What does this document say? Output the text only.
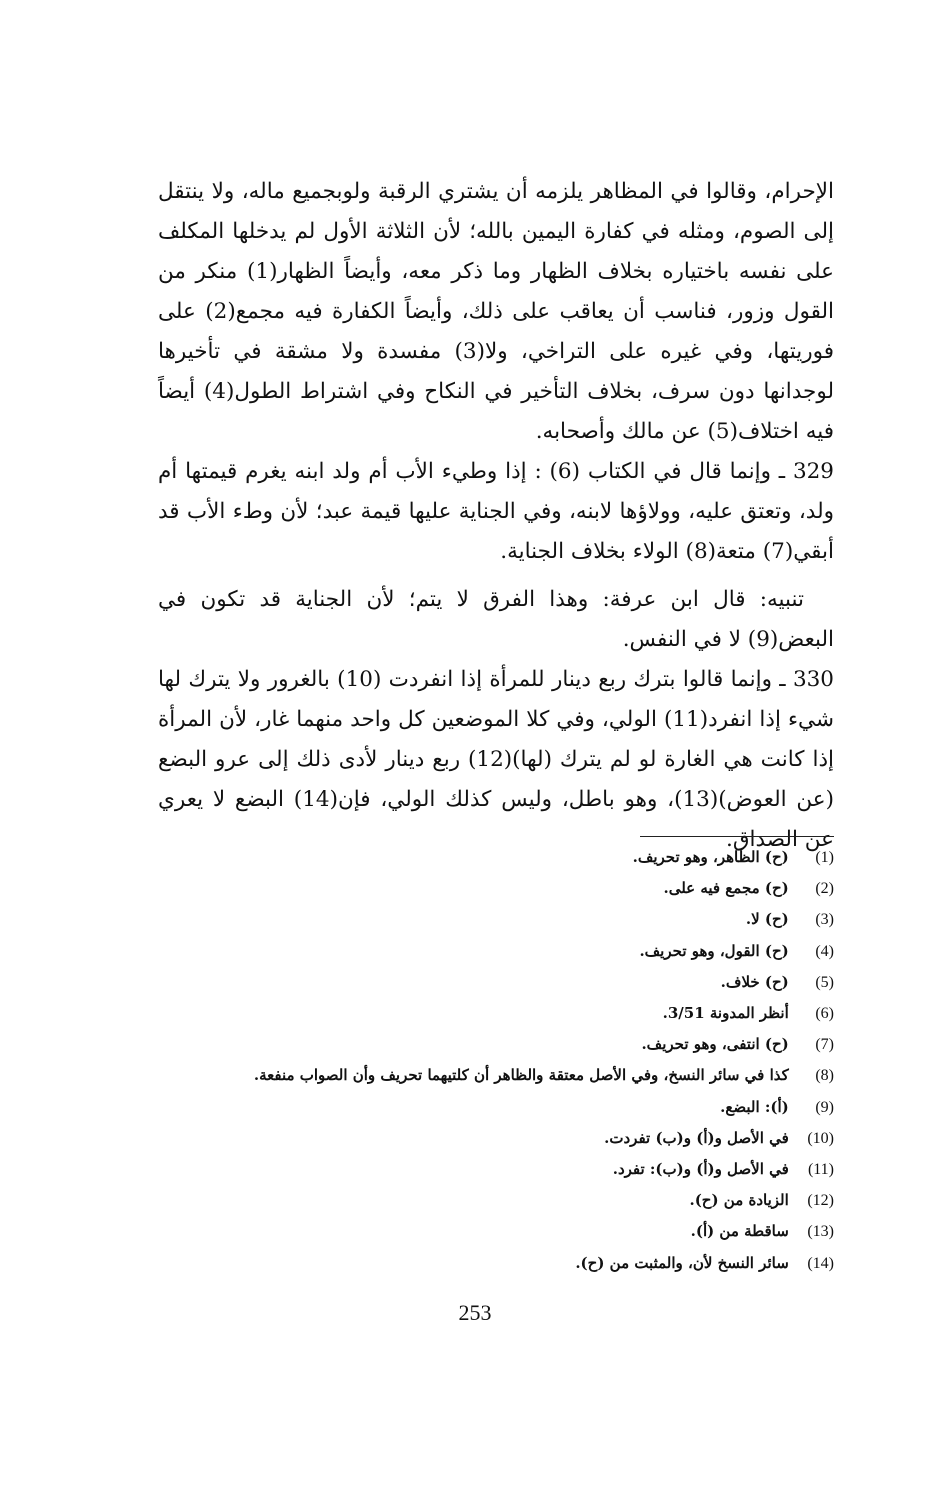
الإحرام، وقالوا في المظاهر يلزمه أن يشتري الرقبة ولوبجميع ماله، ولا ينتقل إلى الصوم، ومثله في كفارة اليمين بالله؛ لأن الثلاثة الأول لم يدخلها المكلف على نفسه باختياره بخلاف الظهار وما ذكر معه، وأيضاً الظهار(1) منكر من القول وزور، فناسب أن يعاقب على ذلك، وأيضاً الكفارة فيه مجمع(2) على فوريتها، وفي غيره على التراخي، ولا(3) مفسدة ولا مشقة في تأخيرها لوجدانها دون سرف، بخلاف التأخير في النكاح وفي اشتراط الطول(4) أيضاً فيه اختلاف(5) عن مالك وأصحابه.

329 ـ وإنما قال في الكتاب (6) : إذا وطيء الأب أم ولد ابنه يغرم قيمتها أم ولد، وتعتق عليه، وولاؤها لابنه، وفي الجناية عليها قيمة عبد؛ لأن وطء الأب قد أبقي(7) متعة(8) الولاء بخلاف الجناية.

تنبيه: قال ابن عرفة: وهذا الفرق لا يتم؛ لأن الجناية قد تكون في البعض(9) لا في النفس.

330 ـ وإنما قالوا بترك ربع دينار للمرأة إذا انفردت (10) بالغرور ولا يترك لها شيء إذا انفرد(11) الولي، وفي كلا الموضعين كل واحد منهما غار، لأن المرأة إذا كانت هي الغارة لو لم يترك (لها)(12) ربع دينار لأدى ذلك إلى عرو البضع (عن العوض)(13)، وهو باطل، وليس كذلك الولي، فإن(14) البضع لا يعري عن الصداق.

(1) (ح) الظاهر، وهو تحريف.
(2) (ح) مجمع فيه على.
(3) (ح) لا.
(4) (ح) القول، وهو تحريف.
(5) (ح) خلاف.
(6) أنظر المدونة 3/51.
(7) (ح) انتفى، وهو تحريف.
(8) كذا في سائر النسخ، وفي الأصل معتقة والظاهر أن كلتيهما تحريف وأن الصواب منفعة.
(9) (أ): البضع.
(10) في الأصل و(أ) و(ب) تفردت.
(11) في الأصل و(أ) و(ب): تفرد.
(12) الزيادة من (ح).
(13) ساقطة من (أ).
(14) سائر النسخ لأن، والمثبت من (ح).
253
